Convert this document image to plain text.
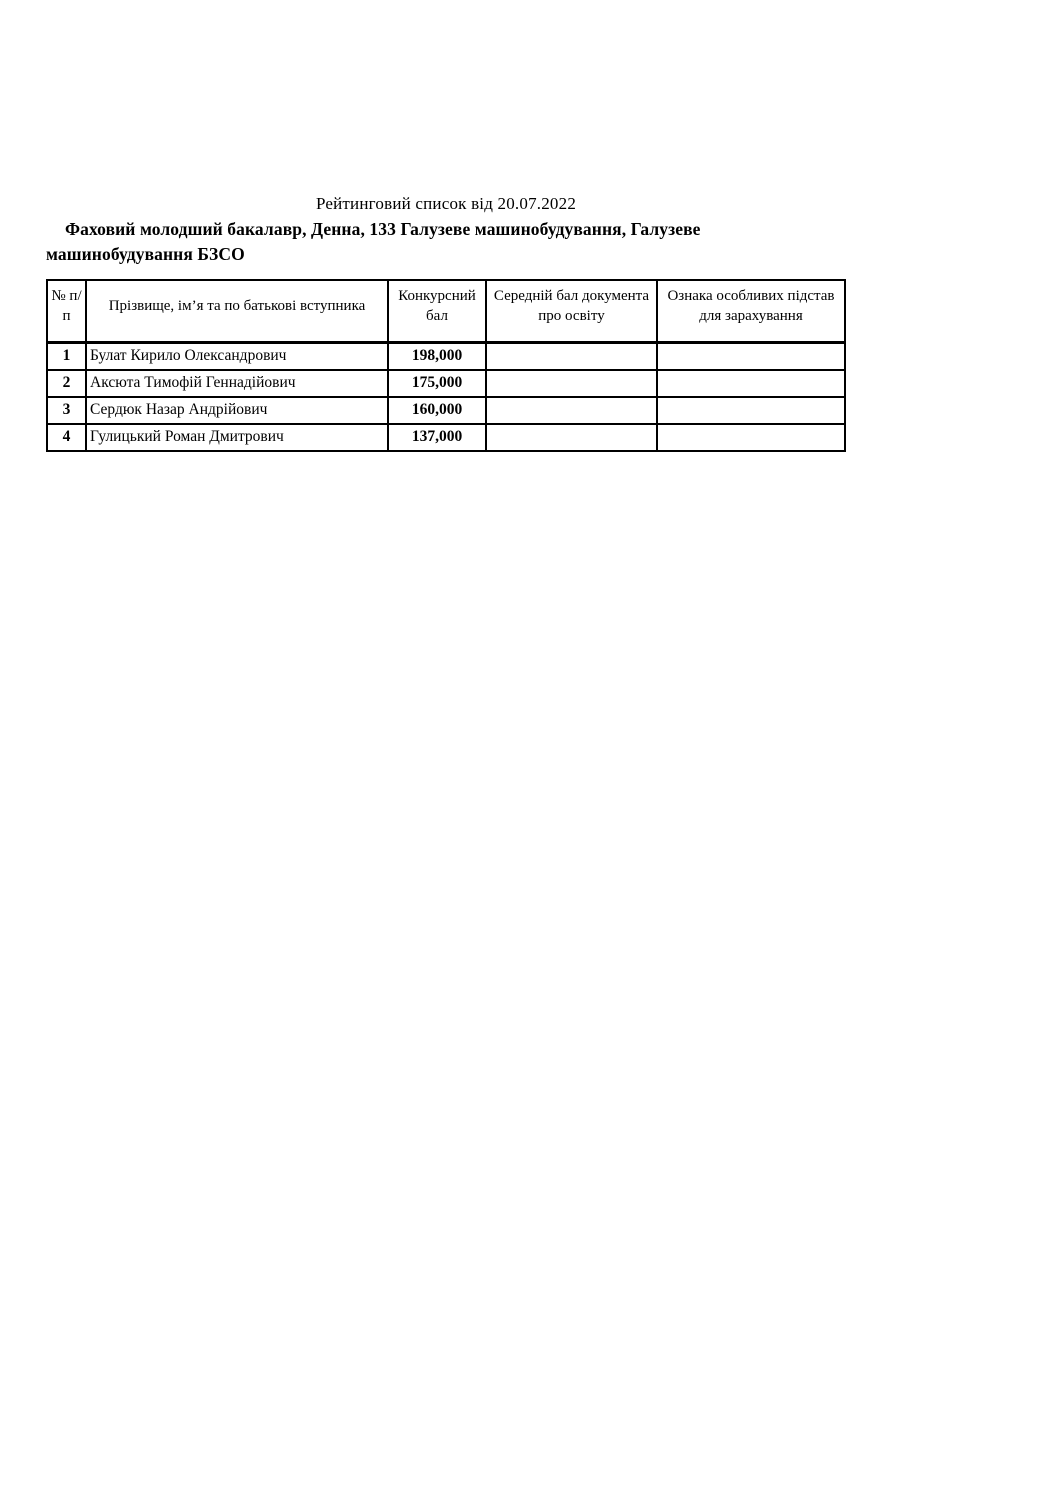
Рейтинговий список від 20.07.2022
Фаховий молодший бакалавр, Денна, 133 Галузеве машинобудування, Галузеве машинобудування БЗСО
№ п/п	Прізвище, ім’я та по батькові вступника	Конкурсний бал	Середній бал документа про освіту	Ознака особливих підстав для зарахування
1	Булат Кирило Олександрович	198,000		
2	Аксюта Тимофій Геннадійович	175,000		
3	Сердюк Назар Андрійович	160,000		
4	Гулицький Роман Дмитрович	137,000		
